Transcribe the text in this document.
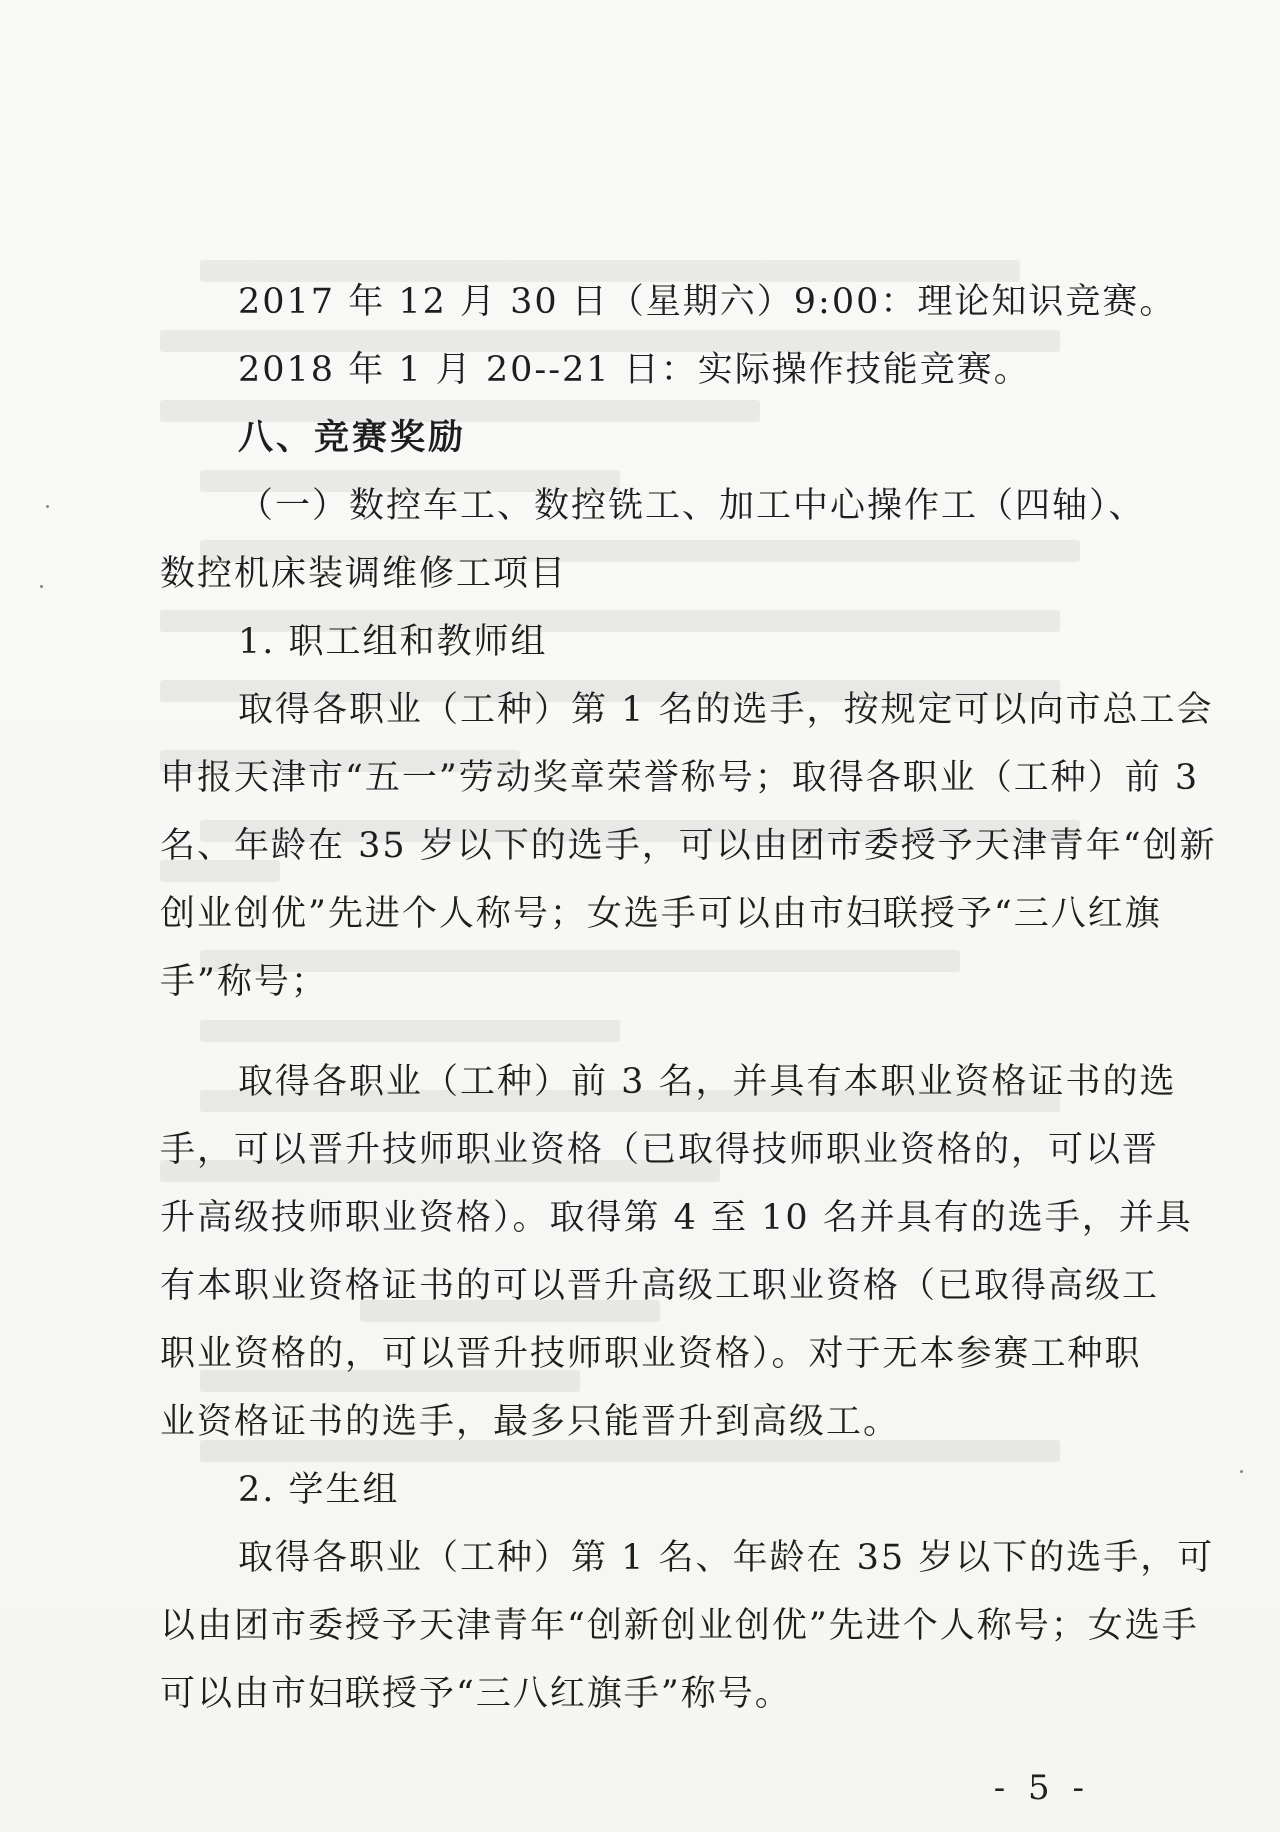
2017 年 12 月 30 日（星期六）9:00：理论知识竞赛。
2018 年 1 月 20--21 日：实际操作技能竞赛。
八、竞赛奖励
（一）数控车工、数控铣工、加工中心操作工（四轴）、
数控机床装调维修工项目
1. 职工组和教师组
取得各职业（工种）第 1 名的选手，按规定可以向市总工会
申报天津市“五一”劳动奖章荣誉称号；取得各职业（工种）前 3
名、年龄在 35 岁以下的选手，可以由团市委授予天津青年“创新
创业创优”先进个人称号；女选手可以由市妇联授予“三八红旗
手”称号；
取得各职业（工种）前 3 名，并具有本职业资格证书的选
手，可以晋升技师职业资格（已取得技师职业资格的，可以晋
升高级技师职业资格）。取得第 4 至 10 名并具有的选手，并具
有本职业资格证书的可以晋升高级工职业资格（已取得高级工
职业资格的，可以晋升技师职业资格）。对于无本参赛工种职
业资格证书的选手，最多只能晋升到高级工。
2. 学生组
取得各职业（工种）第 1 名、年龄在 35 岁以下的选手，可
以由团市委授予天津青年“创新创业创优”先进个人称号；女选手
可以由市妇联授予“三八红旗手”称号。
- 5 -
